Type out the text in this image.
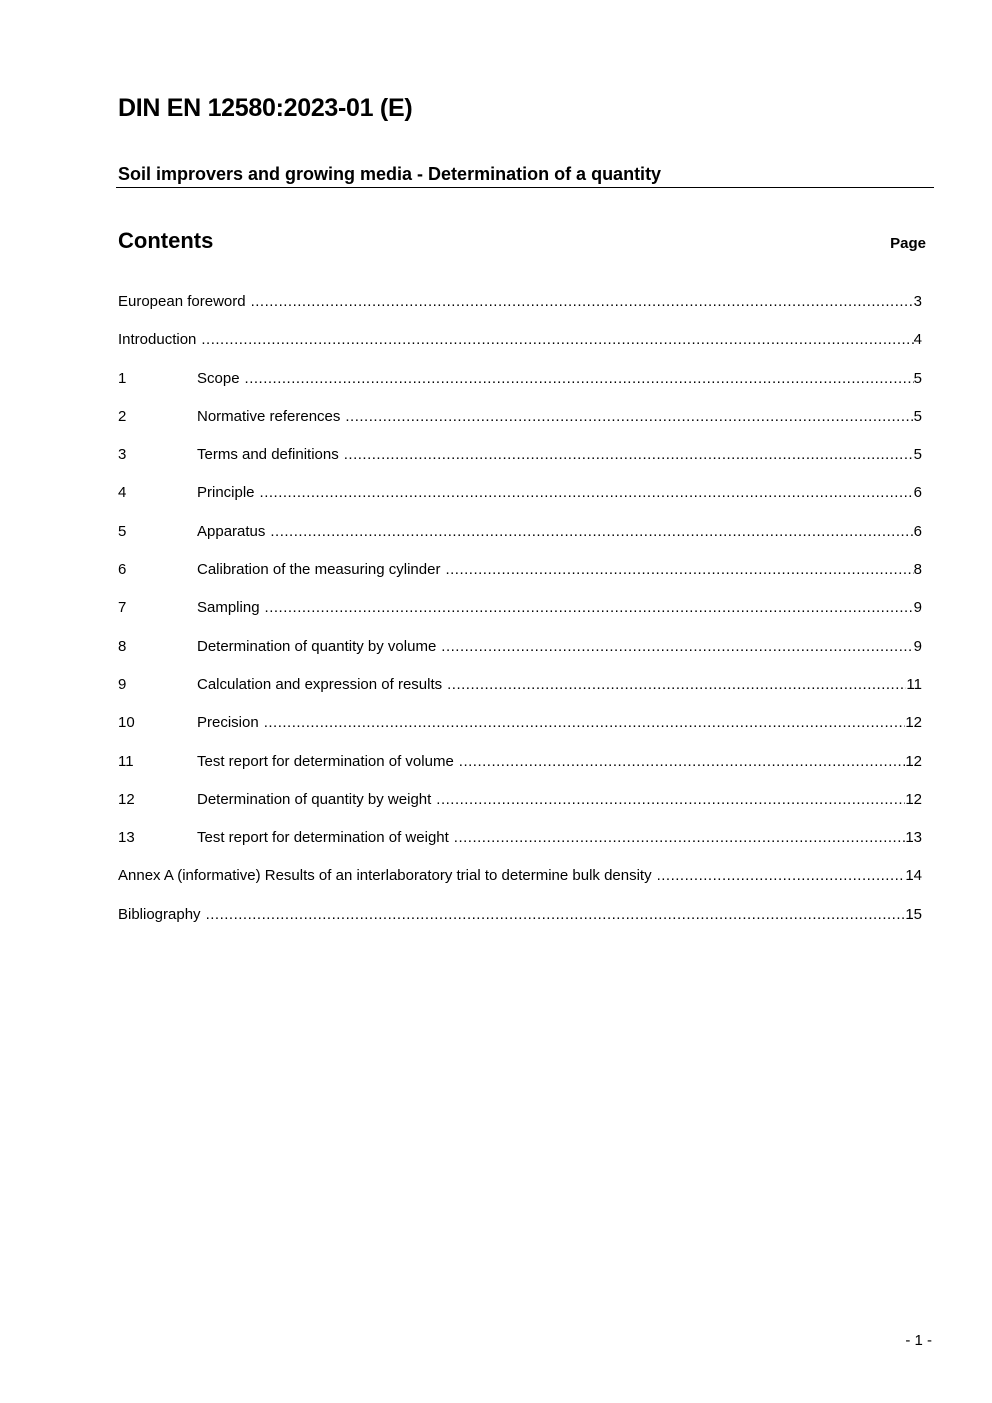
DIN EN 12580:2023-01 (E)
Soil improvers and growing media - Determination of a quantity
Contents	Page
European foreword .....	3
Introduction .....	4
1	Scope .....	5
2	Normative references .....	5
3	Terms and definitions .....	5
4	Principle .....	6
5	Apparatus .....	6
6	Calibration of the measuring cylinder .....	8
7	Sampling .....	9
8	Determination of quantity by volume .....	9
9	Calculation and expression of results .....	11
10	Precision .....	12
11	Test report for determination of volume .....	12
12	Determination of quantity by weight .....	12
13	Test report for determination of weight .....	13
Annex A (informative) Results of an interlaboratory trial to determine bulk density .....	14
Bibliography .....	15
- 1 -
